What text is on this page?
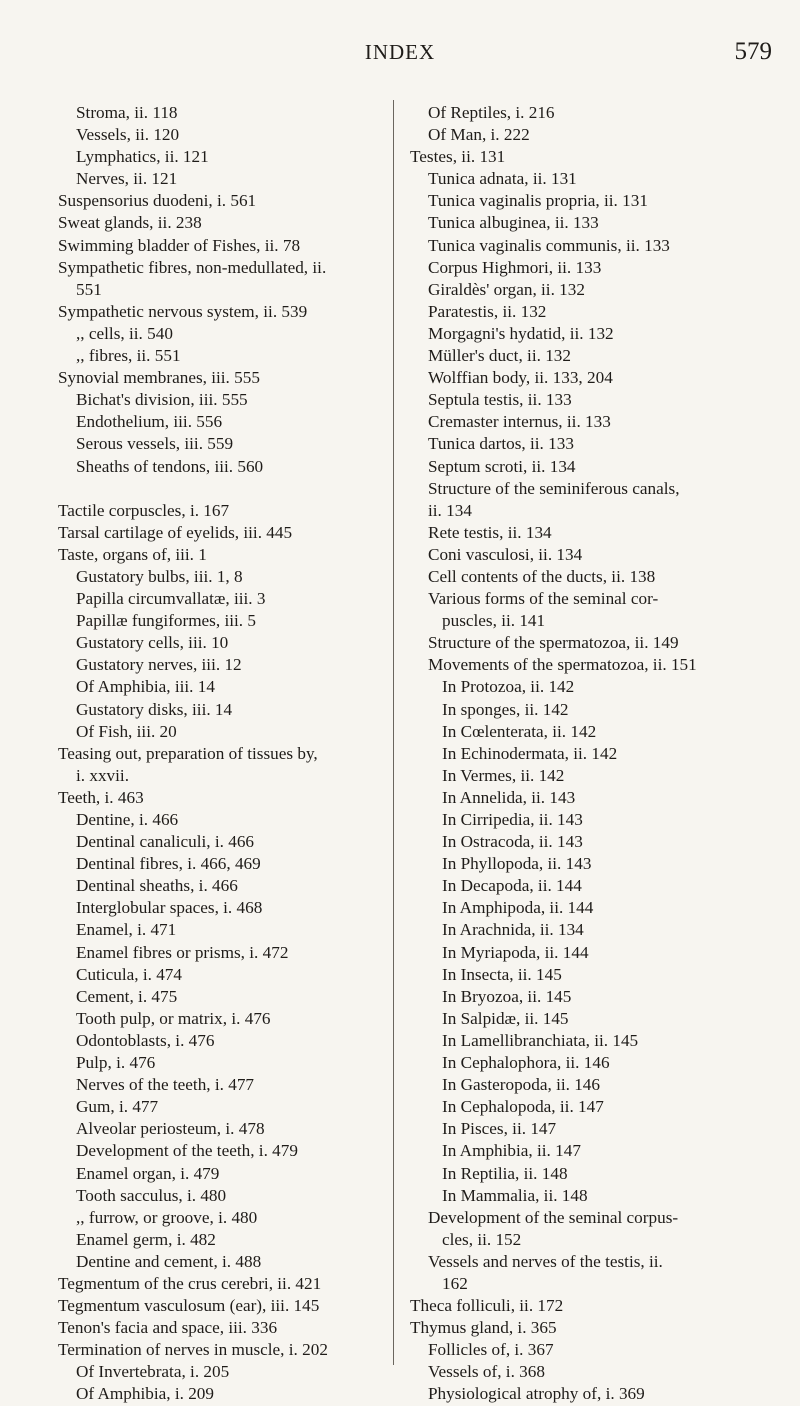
INDEX	579
Stroma, ii. 118
Vessels, ii. 120
Lymphatics, ii. 121
Nerves, ii. 121
Suspensorius duodeni, i. 561
Sweat glands, ii. 238
Swimming bladder of Fishes, ii. 78
Sympathetic fibres, non-medullated, ii.
551
Sympathetic nervous system, ii. 539
,, cells, ii. 540
,, fibres, ii. 551
Synovial membranes, iii. 555
Bichat's division, iii. 555
Endothelium, iii. 556
Serous vessels, iii. 559
Sheaths of tendons, iii. 560
Tactile corpuscles, i. 167
Tarsal cartilage of eyelids, iii. 445
Taste, organs of, iii. 1
Gustatory bulbs, iii. 1, 8
Papilla circumvallatæ, iii. 3
Papillæ fungiformes, iii. 5
Gustatory cells, iii. 10
Gustatory nerves, iii. 12
Of Amphibia, iii. 14
Gustatory disks, iii. 14
Of Fish, iii. 20
Teasing out, preparation of tissues by,
i. xxvii.
Teeth, i. 463
Dentine, i. 466
Dentinal canaliculi, i. 466
Dentinal fibres, i. 466, 469
Dentinal sheaths, i. 466
Interglobular spaces, i. 468
Enamel, i. 471
Enamel fibres or prisms, i. 472
Cuticula, i. 474
Cement, i. 475
Tooth pulp, or matrix, i. 476
Odontoblasts, i. 476
Pulp, i. 476
Nerves of the teeth, i. 477
Gum, i. 477
Alveolar periosteum, i. 478
Development of the teeth, i. 479
Enamel organ, i. 479
Tooth sacculus, i. 480
,, furrow, or groove, i. 480
Enamel germ, i. 482
Dentine and cement, i. 488
Tegmentum of the crus cerebri, ii. 421
Tegmentum vasculosum (ear), iii. 145
Tenon's facia and space, iii. 336
Termination of nerves in muscle, i. 202
Of Invertebrata, i. 205
Of Amphibia, i. 209
Of Reptiles, i. 216
Of Man, i. 222
Testes, ii. 131
Tunica adnata, ii. 131
Tunica vaginalis propria, ii. 131
Tunica albuginea, ii. 133
Tunica vaginalis communis, ii. 133
Corpus Highmori, ii. 133
Giraldès' organ, ii. 132
Paratestis, ii. 132
Morgagni's hydatid, ii. 132
Müller's duct, ii. 132
Wolffian body, ii. 133, 204
Septula testis, ii. 133
Cremaster internus, ii. 133
Tunica dartos, ii. 133
Septum scroti, ii. 134
Structure of the seminiferous canals,
ii. 134
Rete testis, ii. 134
Coni vasculosi, ii. 134
Cell contents of the ducts, ii. 138
Various forms of the seminal cor-
puscles, ii. 141
Structure of the spermatozoa, ii. 149
Movements of the spermatozoa, ii. 151
In Protozoa, ii. 142
In sponges, ii. 142
In Cœlenterata, ii. 142
In Echinodermata, ii. 142
In Vermes, ii. 142
In Annelida, ii. 143
In Cirripedia, ii. 143
In Ostracoda, ii. 143
In Phyllopoda, ii. 143
In Decapoda, ii. 144
In Amphipoda, ii. 144
In Arachnida, ii. 134
In Myriapoda, ii. 144
In Insecta, ii. 145
In Bryozoa, ii. 145
In Salpidæ, ii. 145
In Lamellibranchiata, ii. 145
In Cephalophora, ii. 146
In Gasteropoda, ii. 146
In Cephalopoda, ii. 147
In Pisces, ii. 147
In Amphibia, ii. 147
In Reptilia, ii. 148
In Mammalia, ii. 148
Development of the seminal corpus-
cles, ii. 152
Vessels and nerves of the testis, ii.
162
Theca folliculi, ii. 172
Thymus gland, i. 365
Follicles of, i. 367
Vessels of, i. 368
Physiological atrophy of, i. 369
